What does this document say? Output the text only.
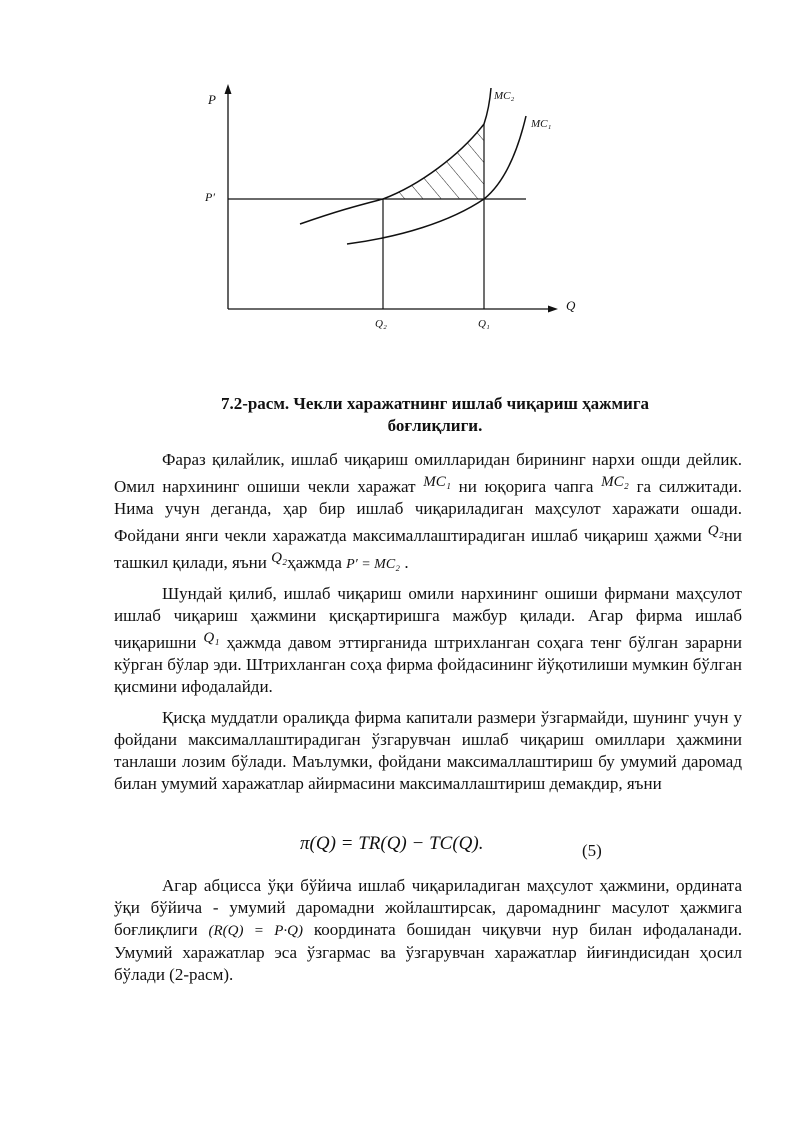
P
Q
P′
MC₂
MC₁
Q₂	Q₁
7.2-расм. Чекли харажатнинг ишлаб чиқариш ҳажмига
боғлиқлиги.

Фараз қилайлик, ишлаб чиқариш омилларидан бирининг нархи ошди дейлик. Омил нархининг ошиши чекли харажат MC₁ ни юқорига чапга MC₂ га силжитади. Нима учун деганда, ҳар бир ишлаб чиқариладиган маҳсулот харажати ошади. Фойдани янги чекли харажатда максималлаштирадиган ишлаб чиқариш ҳажми Q₂ни ташкил қилади, яъни Q₂ҳажмда P′ = MC₂ .

Шундай қилиб, ишлаб чиқариш омили нархининг ошиши фирмани маҳсулот ишлаб чиқариш ҳажмини қисқартиришга мажбур қилади. Агар фирма ишлаб чиқаришни Q₁ ҳажмда давом эттирганида штрихланган соҳага тенг бўлган зарарни кўрган бўлар эди. Штрихланган соҳа фирма фойдасининг йўқотилиши мумкин бўлган қисмини ифодалайди.

Қисқа муддатли оралиқда фирма капитали размери ўзгармайди, шунинг учун у фойдани максималлаштирадиган ўзгарувчан ишлаб чиқариш омиллари ҳажмини танлаши лозим бўлади. Маълумки, фойдани максималлаштириш бу умумий даромад билан умумий харажатлар айирмасини максималлаштириш демакдир, яъни

π(Q) = TR(Q) − TC(Q).	(5)

Агар абцисса ўқи бўйича ишлаб чиқариладиган маҳсулот ҳажмини, ордината ўқи бўйича - умумий даромадни жойлаштирсак, даромаднинг масулот ҳажмига боғлиқлиги (R(Q) = P·Q) координата бошидан чиқувчи нур билан ифодаланади. Умумий харажатлар эса ўзгармас ва ўзгарувчан харажатлар йиғиндисидан ҳосил бўлади (2-расм).
